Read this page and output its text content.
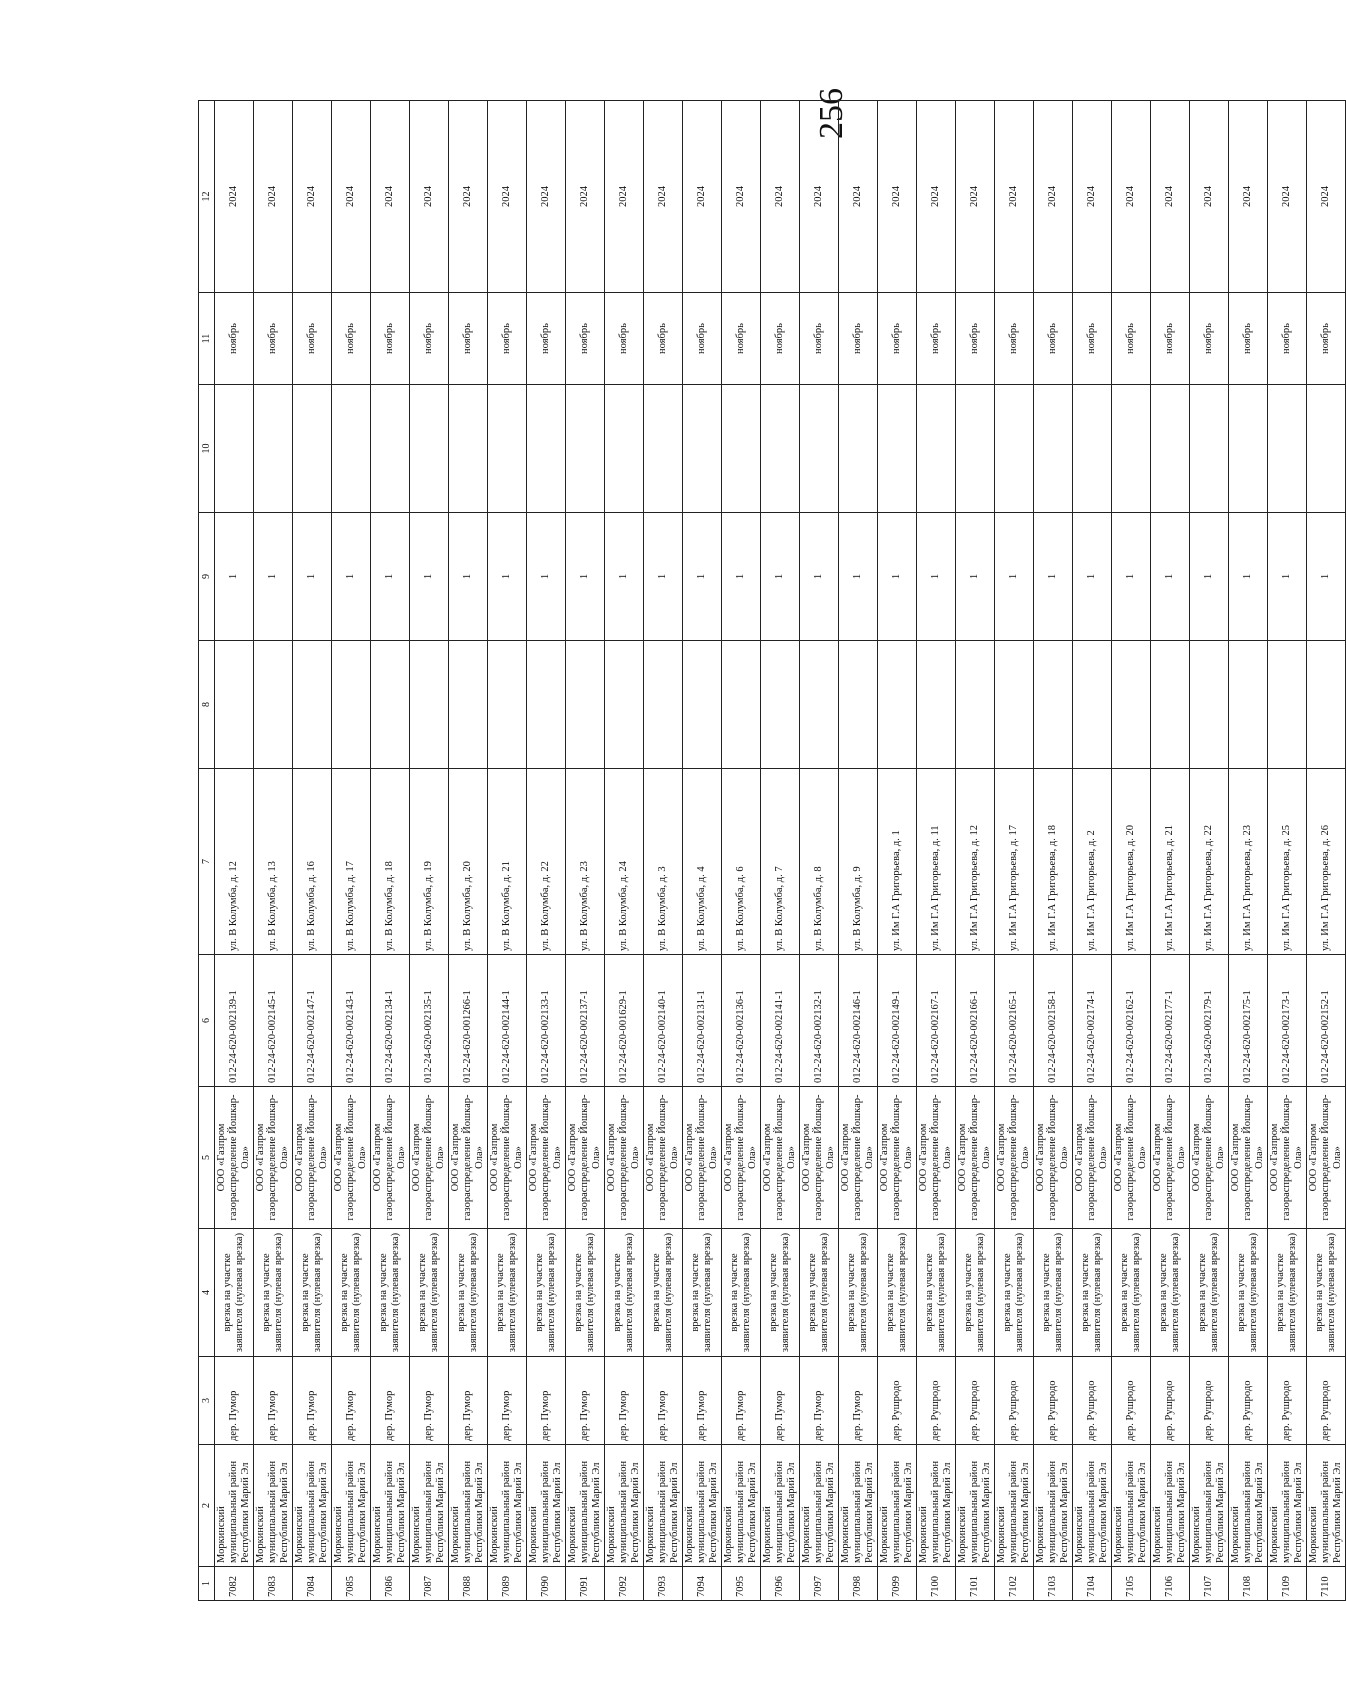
256
1	2	3	4	5	6	7	8	9	10	11	12
7082	Моркинский муниципальный район Республики Марий Эл	дер. Пумор	врезка на участке заявителя (нулевая врезка)	ООО «Газпром газораспределение Йошкар-Ола»	012-24-620-002139-1	ул. В Колумба, д. 12		1		ноябрь	2024
7083	Моркинский муниципальный район Республики Марий Эл	дер. Пумор	врезка на участке заявителя (нулевая врезка)	ООО «Газпром газораспределение Йошкар-Ола»	012-24-620-002145-1	ул. В Колумба, д. 13		1		ноябрь	2024
7084	Моркинский муниципальный район Республики Марий Эл	дер. Пумор	врезка на участке заявителя (нулевая врезка)	ООО «Газпром газораспределение Йошкар-Ола»	012-24-620-002147-1	ул. В Колумба, д. 16		1		ноябрь	2024
7085	Моркинский муниципальный район Республики Марий Эл	дер. Пумор	врезка на участке заявителя (нулевая врезка)	ООО «Газпром газораспределение Йошкар-Ола»	012-24-620-002143-1	ул. В Колумба, д. 17		1		ноябрь	2024
7086	Моркинский муниципальный район Республики Марий Эл	дер. Пумор	врезка на участке заявителя (нулевая врезка)	ООО «Газпром газораспределение Йошкар-Ола»	012-24-620-002134-1	ул. В Колумба, д. 18		1		ноябрь	2024
7087	Моркинский муниципальный район Республики Марий Эл	дер. Пумор	врезка на участке заявителя (нулевая врезка)	ООО «Газпром газораспределение Йошкар-Ола»	012-24-620-002135-1	ул. В Колумба, д. 19		1		ноябрь	2024
7088	Моркинский муниципальный район Республики Марий Эл	дер. Пумор	врезка на участке заявителя (нулевая врезка)	ООО «Газпром газораспределение Йошкар-Ола»	012-24-620-001266-1	ул. В Колумба, д. 20		1		ноябрь	2024
7089	Моркинский муниципальный район Республики Марий Эл	дер. Пумор	врезка на участке заявителя (нулевая врезка)	ООО «Газпром газораспределение Йошкар-Ола»	012-24-620-002144-1	ул. В Колумба, д. 21		1		ноябрь	2024
7090	Моркинский муниципальный район Республики Марий Эл	дер. Пумор	врезка на участке заявителя (нулевая врезка)	ООО «Газпром газораспределение Йошкар-Ола»	012-24-620-002133-1	ул. В Колумба, д. 22		1		ноябрь	2024
7091	Моркинский муниципальный район Республики Марий Эл	дер. Пумор	врезка на участке заявителя (нулевая врезка)	ООО «Газпром газораспределение Йошкар-Ола»	012-24-620-002137-1	ул. В Колумба, д. 23		1		ноябрь	2024
7092	Моркинский муниципальный район Республики Марий Эл	дер. Пумор	врезка на участке заявителя (нулевая врезка)	ООО «Газпром газораспределение Йошкар-Ола»	012-24-620-001629-1	ул. В Колумба, д. 24		1		ноябрь	2024
7093	Моркинский муниципальный район Республики Марий Эл	дер. Пумор	врезка на участке заявителя (нулевая врезка)	ООО «Газпром газораспределение Йошкар-Ола»	012-24-620-002140-1	ул. В Колумба, д. 3		1		ноябрь	2024
7094	Моркинский муниципальный район Республики Марий Эл	дер. Пумор	врезка на участке заявителя (нулевая врезка)	ООО «Газпром газораспределение Йошкар-Ола»	012-24-620-002131-1	ул. В Колумба, д. 4		1		ноябрь	2024
7095	Моркинский муниципальный район Республики Марий Эл	дер. Пумор	врезка на участке заявителя (нулевая врезка)	ООО «Газпром газораспределение Йошкар-Ола»	012-24-620-002136-1	ул. В Колумба, д. 6		1		ноябрь	2024
7096	Моркинский муниципальный район Республики Марий Эл	дер. Пумор	врезка на участке заявителя (нулевая врезка)	ООО «Газпром газораспределение Йошкар-Ола»	012-24-620-002141-1	ул. В Колумба, д. 7		1		ноябрь	2024
7097	Моркинский муниципальный район Республики Марий Эл	дер. Пумор	врезка на участке заявителя (нулевая врезка)	ООО «Газпром газораспределение Йошкар-Ола»	012-24-620-002132-1	ул. В Колумба, д. 8		1		ноябрь	2024
7098	Моркинский муниципальный район Республики Марий Эл	дер. Пумор	врезка на участке заявителя (нулевая врезка)	ООО «Газпром газораспределение Йошкар-Ола»	012-24-620-002146-1	ул. В Колумба, д. 9		1		ноябрь	2024
7099	Моркинский муниципальный район Республики Марий Эл	дер. Рушродо	врезка на участке заявителя (нулевая врезка)	ООО «Газпром газораспределение Йошкар-Ола»	012-24-620-002149-1	ул. Им Г.А Григорьева, д. 1		1		ноябрь	2024
7100	Моркинский муниципальный район Республики Марий Эл	дер. Рушродо	врезка на участке заявителя (нулевая врезка)	ООО «Газпром газораспределение Йошкар-Ола»	012-24-620-002167-1	ул. Им Г.А Григорьева, д. 11		1		ноябрь	2024
7101	Моркинский муниципальный район Республики Марий Эл	дер. Рушродо	врезка на участке заявителя (нулевая врезка)	ООО «Газпром газораспределение Йошкар-Ола»	012-24-620-002166-1	ул. Им Г.А Григорьева, д. 12		1		ноябрь	2024
7102	Моркинский муниципальный район Республики Марий Эл	дер. Рушродо	врезка на участке заявителя (нулевая врезка)	ООО «Газпром газораспределение Йошкар-Ола»	012-24-620-002165-1	ул. Им Г.А Григорьева, д. 17		1		ноябрь	2024
7103	Моркинский муниципальный район Республики Марий Эл	дер. Рушродо	врезка на участке заявителя (нулевая врезка)	ООО «Газпром газораспределение Йошкар-Ола»	012-24-620-002158-1	ул. Им Г.А Григорьева, д. 18		1		ноябрь	2024
7104	Моркинский муниципальный район Республики Марий Эл	дер. Рушродо	врезка на участке заявителя (нулевая врезка)	ООО «Газпром газораспределение Йошкар-Ола»	012-24-620-002174-1	ул. Им Г.А Григорьева, д. 2		1		ноябрь	2024
7105	Моркинский муниципальный район Республики Марий Эл	дер. Рушродо	врезка на участке заявителя (нулевая врезка)	ООО «Газпром газораспределение Йошкар-Ола»	012-24-620-002162-1	ул. Им Г.А Григорьева, д. 20		1		ноябрь	2024
7106	Моркинский муниципальный район Республики Марий Эл	дер. Рушродо	врезка на участке заявителя (нулевая врезка)	ООО «Газпром газораспределение Йошкар-Ола»	012-24-620-002177-1	ул. Им Г.А Григорьева, д. 21		1		ноябрь	2024
7107	Моркинский муниципальный район Республики Марий Эл	дер. Рушродо	врезка на участке заявителя (нулевая врезка)	ООО «Газпром газораспределение Йошкар-Ола»	012-24-620-002179-1	ул. Им Г.А Григорьева, д. 22		1		ноябрь	2024
7108	Моркинский муниципальный район Республики Марий Эл	дер. Рушродо	врезка на участке заявителя (нулевая врезка)	ООО «Газпром газораспределение Йошкар-Ола»	012-24-620-002175-1	ул. Им Г.А Григорьева, д. 23		1		ноябрь	2024
7109	Моркинский муниципальный район Республики Марий Эл	дер. Рушродо	врезка на участке заявителя (нулевая врезка)	ООО «Газпром газораспределение Йошкар-Ола»	012-24-620-002173-1	ул. Им Г.А Григорьева, д. 25		1		ноябрь	2024
7110	Моркинский муниципальный район Республики Марий Эл	дер. Рушродо	врезка на участке заявителя (нулевая врезка)	ООО «Газпром газораспределение Йошкар-Ола»	012-24-620-002152-1	ул. Им Г.А Григорьева, д. 26		1		ноябрь	2024
